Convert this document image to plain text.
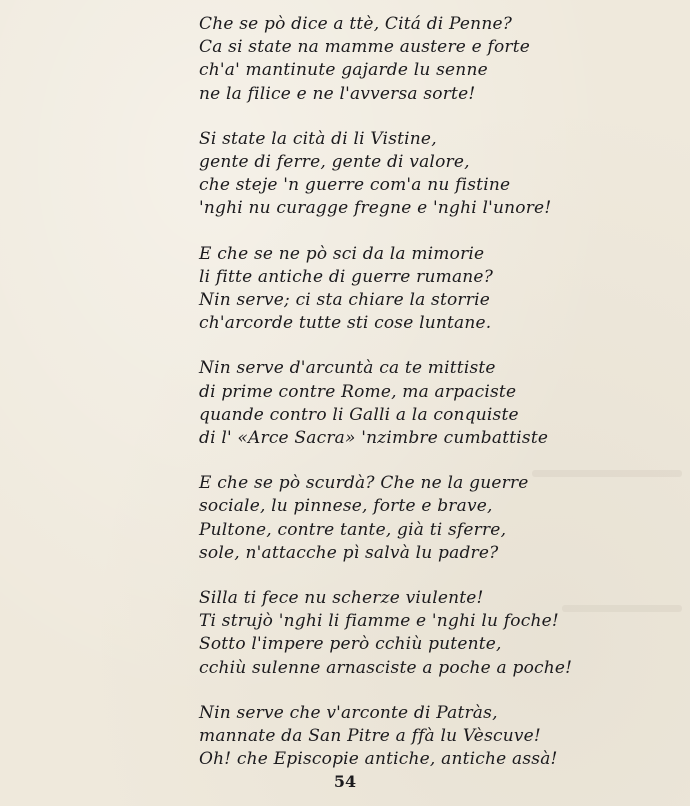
Che se pò dice a ttè, Citá di Penne?
Ca si state na mamme austere e forte
ch'a' mantinute gajarde lu senne
ne la filice e ne l'avversa sorte!
Si state la cità di li Vistine,
gente di ferre, gente di valore,
che steje 'n guerre com'a nu fistine
'nghi nu curagge fregne e 'nghi l'unore!
E che se ne pò sci da la mimorie
li fitte antiche di guerre rumane?
Nin serve; ci sta chiare la storrie
ch'arcorde tutte sti cose luntane.
Nin serve d'arcuntà ca te mittiste
di prime contre Rome, ma arpaciste
quande contro li Galli a la conquiste
di l' «Arce Sacra» 'nzimbre cumbattiste
E che se pò scurdà? Che ne la guerre
sociale, lu pinnese, forte e brave,
Pultone, contre tante, già ti sferre,
sole, n'attacche pì salvà lu padre?
Silla ti fece nu scherze viulente!
Ti strujò 'nghi li fiamme e 'nghi lu foche!
Sotto l'impere però cchiù putente,
cchiù sulenne arnasciste a poche a poche!
Nin serve che v'arconte di Patràs,
mannate da San Pitre a ffà lu Vèscuve!
Oh! che Episcopie antiche, antiche assà!
54
